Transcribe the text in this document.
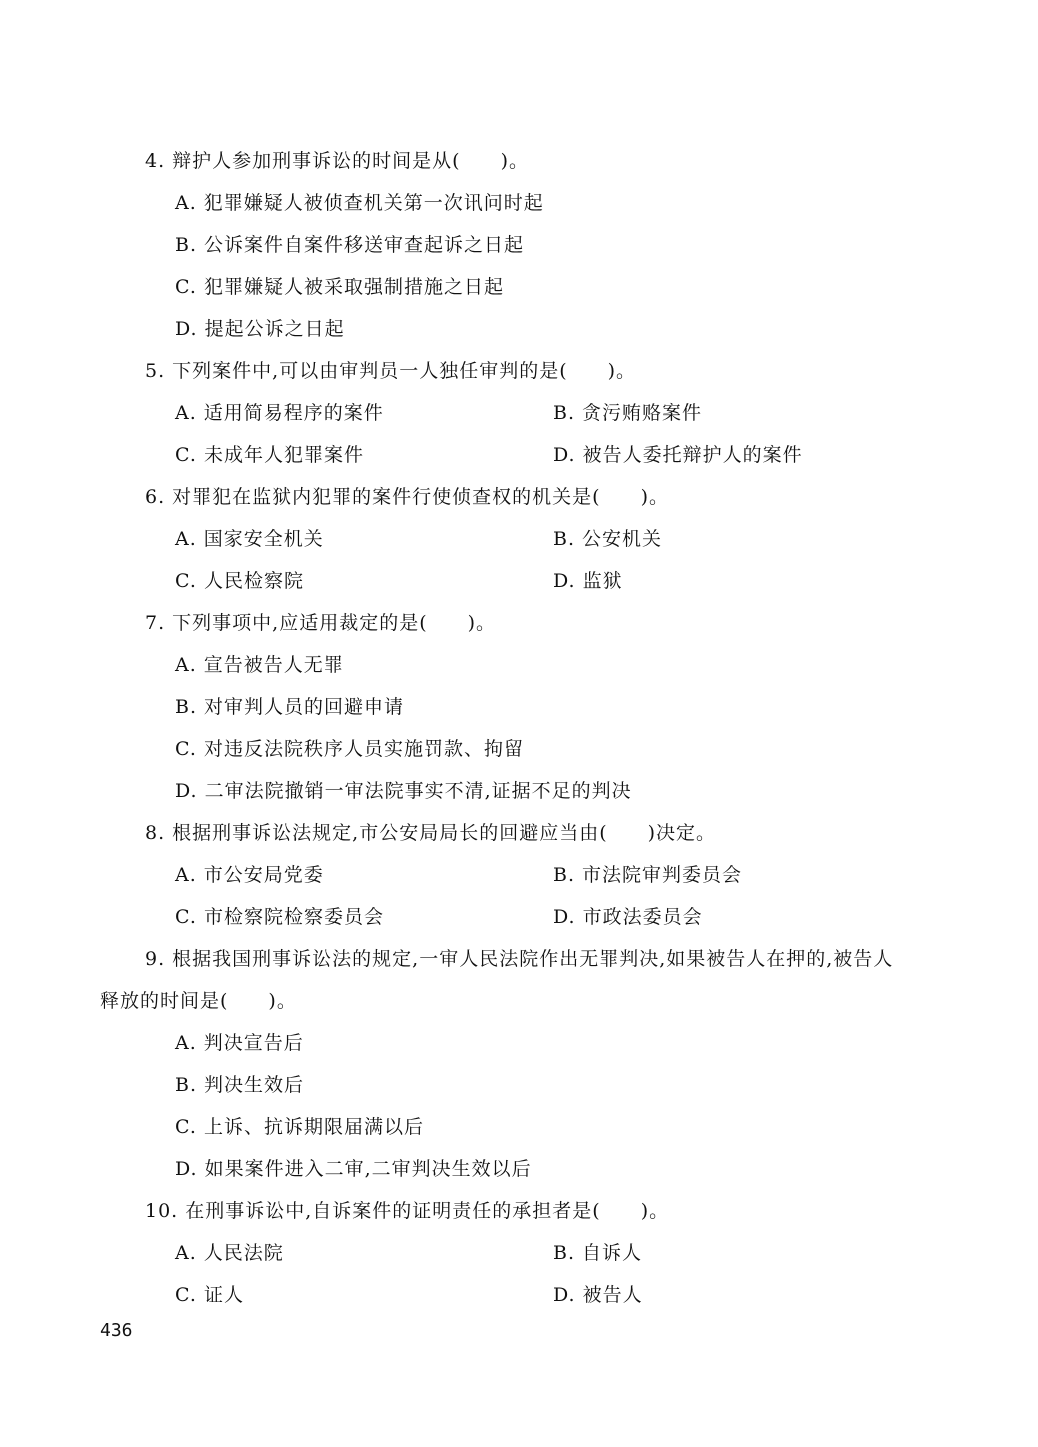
4. 辩护人参加刑事诉讼的时间是从(　　)。
A. 犯罪嫌疑人被侦查机关第一次讯问时起
B. 公诉案件自案件移送审查起诉之日起
C. 犯罪嫌疑人被采取强制措施之日起
D. 提起公诉之日起
5. 下列案件中,可以由审判员一人独任审判的是(　　)。
A. 适用简易程序的案件	B. 贪污贿赂案件
C. 未成年人犯罪案件	D. 被告人委托辩护人的案件
6. 对罪犯在监狱内犯罪的案件行使侦查权的机关是(　　)。
A. 国家安全机关	B. 公安机关
C. 人民检察院	D. 监狱
7. 下列事项中,应适用裁定的是(　　)。
A. 宣告被告人无罪
B. 对审判人员的回避申请
C. 对违反法院秩序人员实施罚款、拘留
D. 二审法院撤销一审法院事实不清,证据不足的判决
8. 根据刑事诉讼法规定,市公安局局长的回避应当由(　　)决定。
A. 市公安局党委	B. 市法院审判委员会
C. 市检察院检察委员会	D. 市政法委员会
9. 根据我国刑事诉讼法的规定,一审人民法院作出无罪判决,如果被告人在押的,被告人
释放的时间是(　　)。
A. 判决宣告后
B. 判决生效后
C. 上诉、抗诉期限届满以后
D. 如果案件进入二审,二审判决生效以后
10. 在刑事诉讼中,自诉案件的证明责任的承担者是(　　)。
A. 人民法院	B. 自诉人
C. 证人	D. 被告人
436
